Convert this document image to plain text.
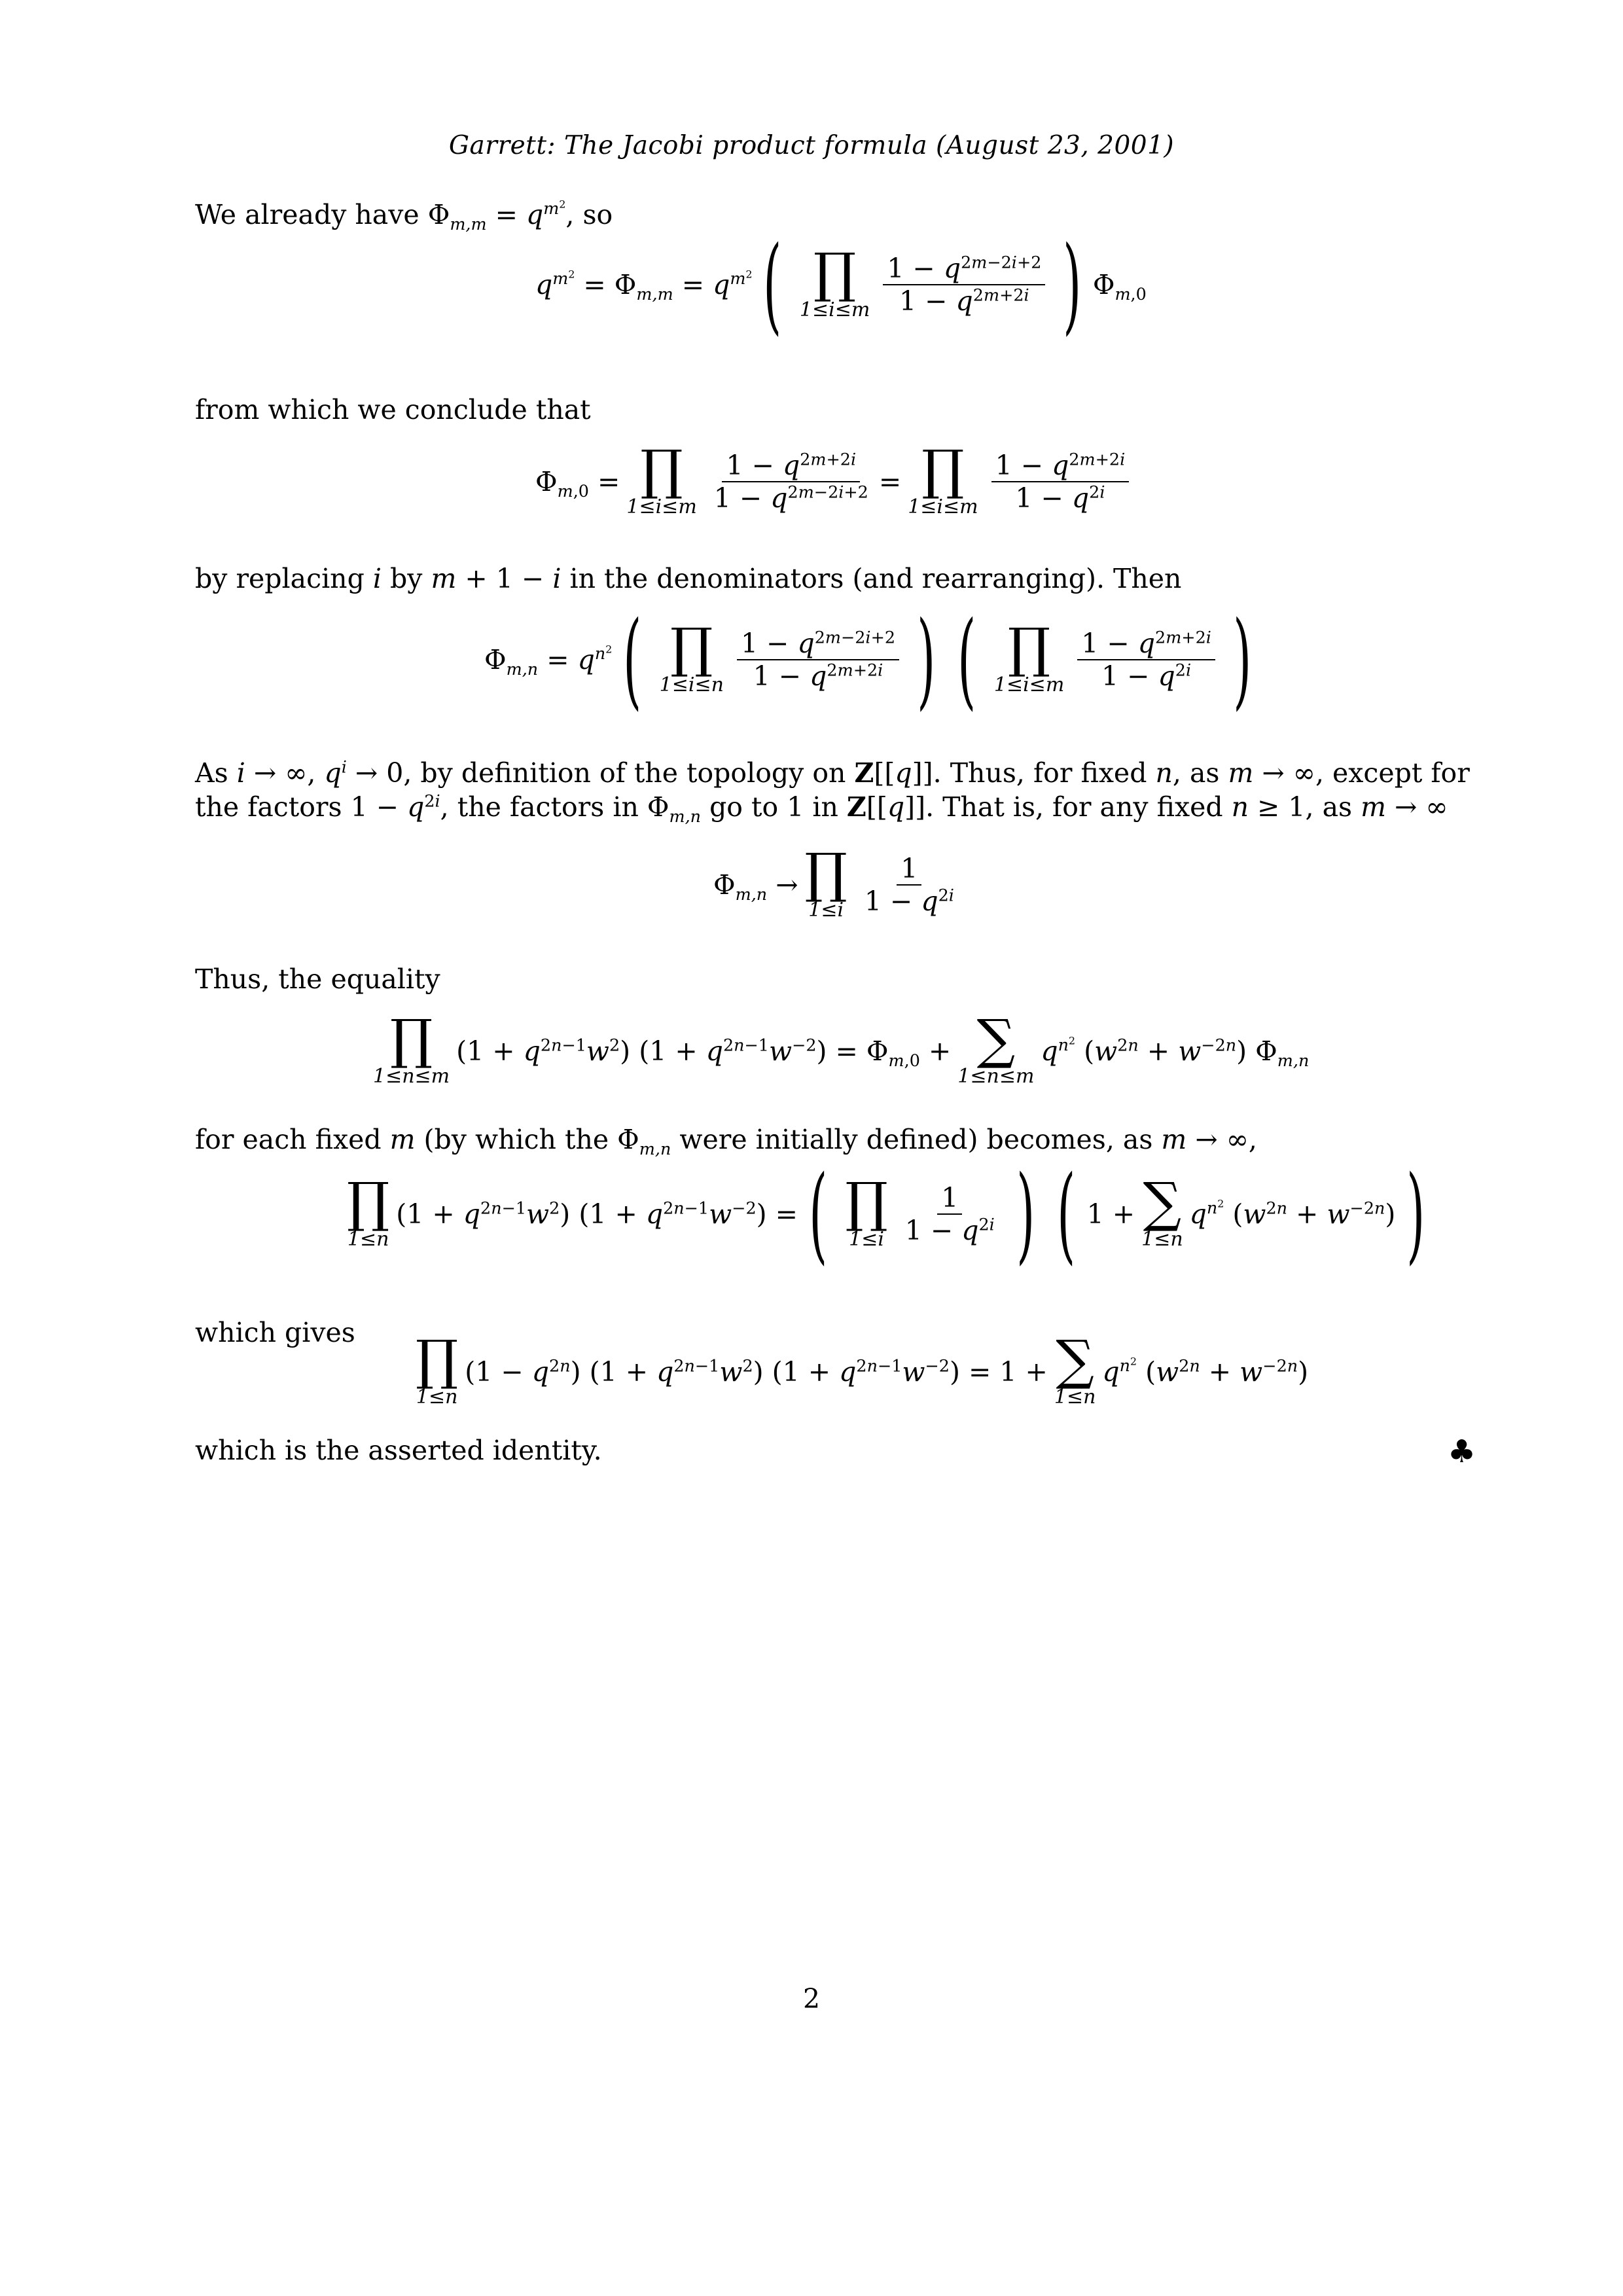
Garrett: The Jacobi product formula (August 23, 2001)
We already have $\Phi_{m,m} = q^{m^2}$, so
$q^{m^2} = \Phi_{m,m} = q^{m^2}$ ( ∏
$1\le i\le m \frac{1 - q^{2m-2i+2}}{1 - q^{2m+2i}}$ ) $\Phi_{m,0}$
from which we conclude that
$\Phi_{m,0}$ = ∏
$1\le i\le m \frac{1 - q^{2m+2i}}{1 - q^{2m-2i+2}}$ = ∏
$1\le i\le m \frac{1 - q^{2m+2i}}{1 - q^{2i}}$
by replacing i by m + 1 − i in the denominators (and rearranging). Then
$\Phi_{m,n} = q^{n^2}$ ( ∏
$1\le i\le n \frac{1 - q^{2m-2i+2}}{1 - q^{2m+2i}}$ ) ( ∏
$1\le i\le m \frac{1 - q^{2m+2i}}{1 - q^{2i}}$ )
As i → ∞, $q^i \to 0$, by definition of the topology on Z[[q]]. Thus, for fixed n, as m → ∞, except for the factors $1 - q^{2i}$, the factors in $\Phi_{m,n}$ go to 1 in Z[[q]]. That is, for any fixed n ≥ 1, as m → ∞
$\Phi_{m,n}$ → ∏
$1\le i \frac{1}{1 - q^{2i}}$
Thus, the equality
∏
1≤n≤m
$(1 + q^{2n-1}w^2)$ $(1 + q^{2n-1}w^{-2}) = \Phi_{m,0}$ + ∑
1≤n≤m
$q^{n^2}$ $(w^{2n} + w^{-2n})$ $\Phi_{m,n}$
for each fixed m (by which the $\Phi_{m,n}$ were initially defined) becomes, as m → ∞,
∏
1≤n
$(1 + q^{2n-1}w^2)$ $(1 + q^{2n-1}w^{-2})$ = ( ∏
$1\le i \frac{1}{1 - q^{2i}}$ ) ( 1 + ∑
1≤n
$q^{n^2}$ $(w^{2n} + w^{-2n})$ )
which gives	∏
1≤n
$(1 - q^{2n})$ $(1 + q^{2n-1}w^2)$ $(1 + q^{2n-1}w^{-2}) = 1$ + ∑
1≤n
$q^{n^2}$ $(w^{2n} + w^{-2n})$
which is the asserted identity.	♣
2
